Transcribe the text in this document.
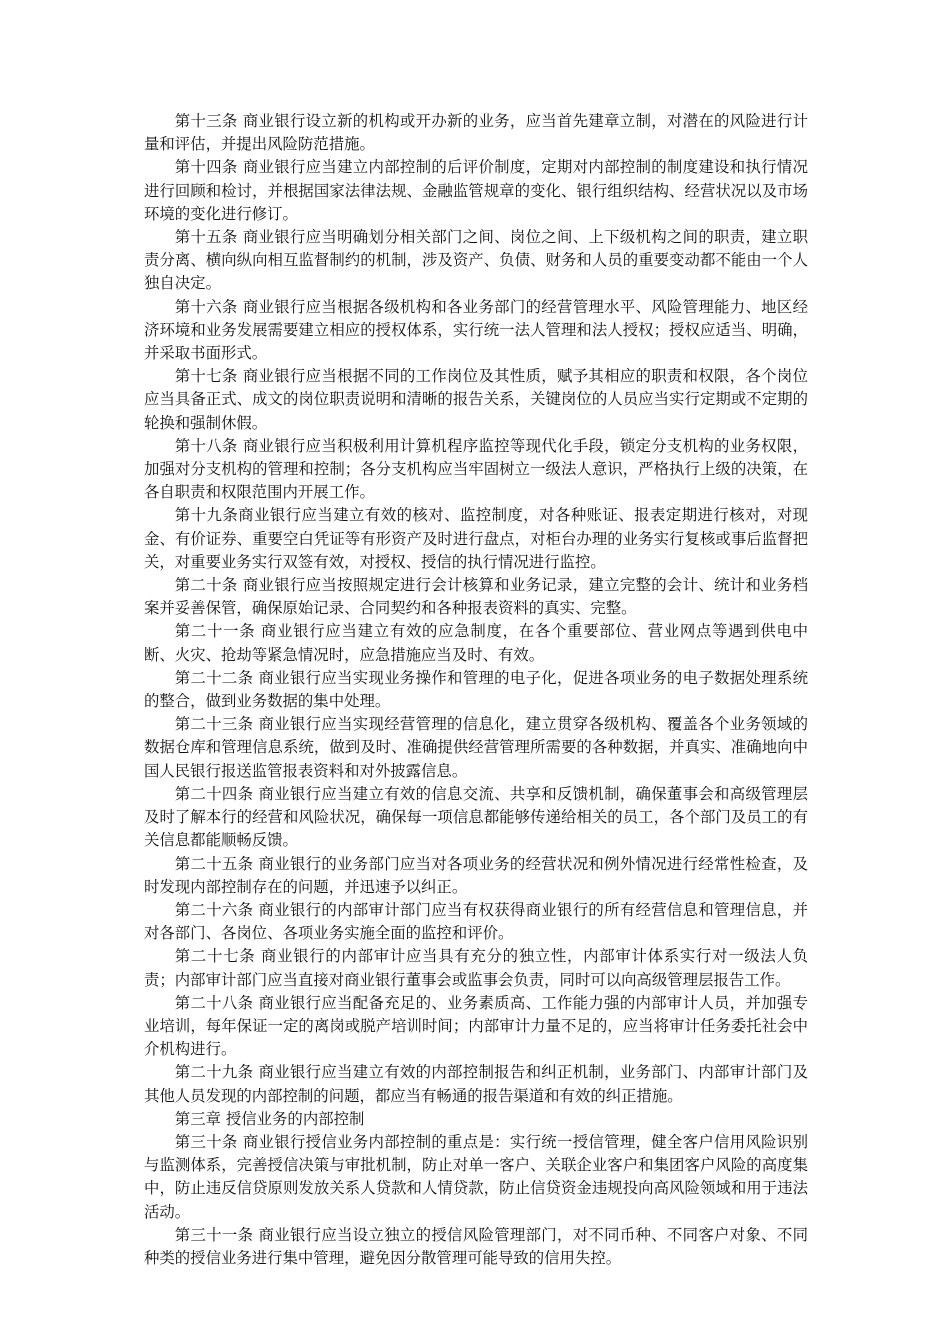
第十三条 商业银行设立新的机构或开办新的业务，应当首先建章立制，对潜在的风险进行计量和评估，并提出风险防范措施。

第十四条 商业银行应当建立内部控制的后评价制度，定期对内部控制的制度建设和执行情况进行回顾和检讨，并根据国家法律法规、金融监管规章的变化、银行组织结构、经营状况以及市场环境的变化进行修订。

第十五条 商业银行应当明确划分相关部门之间、岗位之间、上下级机构之间的职责，建立职责分离、横向纵向相互监督制约的机制，涉及资产、负债、财务和人员的重要变动都不能由一个人独自决定。

第十六条 商业银行应当根据各级机构和各业务部门的经营管理水平、风险管理能力、地区经济环境和业务发展需要建立相应的授权体系，实行统一法人管理和法人授权；授权应适当、明确，并采取书面形式。

第十七条 商业银行应当根据不同的工作岗位及其性质，赋予其相应的职责和权限，各个岗位应当具备正式、成文的岗位职责说明和清晰的报告关系，关键岗位的人员应当实行定期或不定期的轮换和强制休假。

第十八条 商业银行应当积极利用计算机程序监控等现代化手段，锁定分支机构的业务权限，加强对分支机构的管理和控制；各分支机构应当牢固树立一级法人意识，严格执行上级的决策，在各自职责和权限范围内开展工作。

第十九条商业银行应当建立有效的核对、监控制度，对各种账证、报表定期进行核对，对现金、有价证券、重要空白凭证等有形资产及时进行盘点，对柜台办理的业务实行复核或事后监督把关，对重要业务实行双签有效，对授权、授信的执行情况进行监控。

第二十条 商业银行应当按照规定进行会计核算和业务记录，建立完整的会计、统计和业务档案并妥善保管，确保原始记录、合同契约和各种报表资料的真实、完整。

第二十一条 商业银行应当建立有效的应急制度，在各个重要部位、营业网点等遇到供电中断、火灾、抢劫等紧急情况时，应急措施应当及时、有效。

第二十二条 商业银行应当实现业务操作和管理的电子化，促进各项业务的电子数据处理系统的整合，做到业务数据的集中处理。

第二十三条 商业银行应当实现经营管理的信息化，建立贯穿各级机构、覆盖各个业务领域的数据仓库和管理信息系统，做到及时、准确提供经营管理所需要的各种数据，并真实、准确地向中国人民银行报送监管报表资料和对外披露信息。

第二十四条 商业银行应当建立有效的信息交流、共享和反馈机制，确保董事会和高级管理层及时了解本行的经营和风险状况，确保每一项信息都能够传递给相关的员工，各个部门及员工的有关信息都能顺畅反馈。

第二十五条 商业银行的业务部门应当对各项业务的经营状况和例外情况进行经常性检查，及时发现内部控制存在的问题，并迅速予以纠正。

第二十六条 商业银行的内部审计部门应当有权获得商业银行的所有经营信息和管理信息，并对各部门、各岗位、各项业务实施全面的监控和评价。

第二十七条 商业银行的内部审计应当具有充分的独立性，内部审计体系实行对一级法人负责；内部审计部门应当直接对商业银行董事会或监事会负责，同时可以向高级管理层报告工作。

第二十八条 商业银行应当配备充足的、业务素质高、工作能力强的内部审计人员，并加强专业培训，每年保证一定的离岗或脱产培训时间；内部审计力量不足的，应当将审计任务委托社会中介机构进行。

第二十九条 商业银行应当建立有效的内部控制报告和纠正机制，业务部门、内部审计部门及其他人员发现的内部控制的问题，都应当有畅通的报告渠道和有效的纠正措施。

第三章 授信业务的内部控制

第三十条 商业银行授信业务内部控制的重点是：实行统一授信管理，健全客户信用风险识别与监测体系，完善授信决策与审批机制，防止对单一客户、关联企业客户和集团客户风险的高度集中，防止违反信贷原则发放关系人贷款和人情贷款，防止信贷资金违规投向高风险领域和用于违法活动。

第三十一条 商业银行应当设立独立的授信风险管理部门，对不同币种、不同客户对象、不同种类的授信业务进行集中管理，避免因分散管理可能导致的信用失控。
